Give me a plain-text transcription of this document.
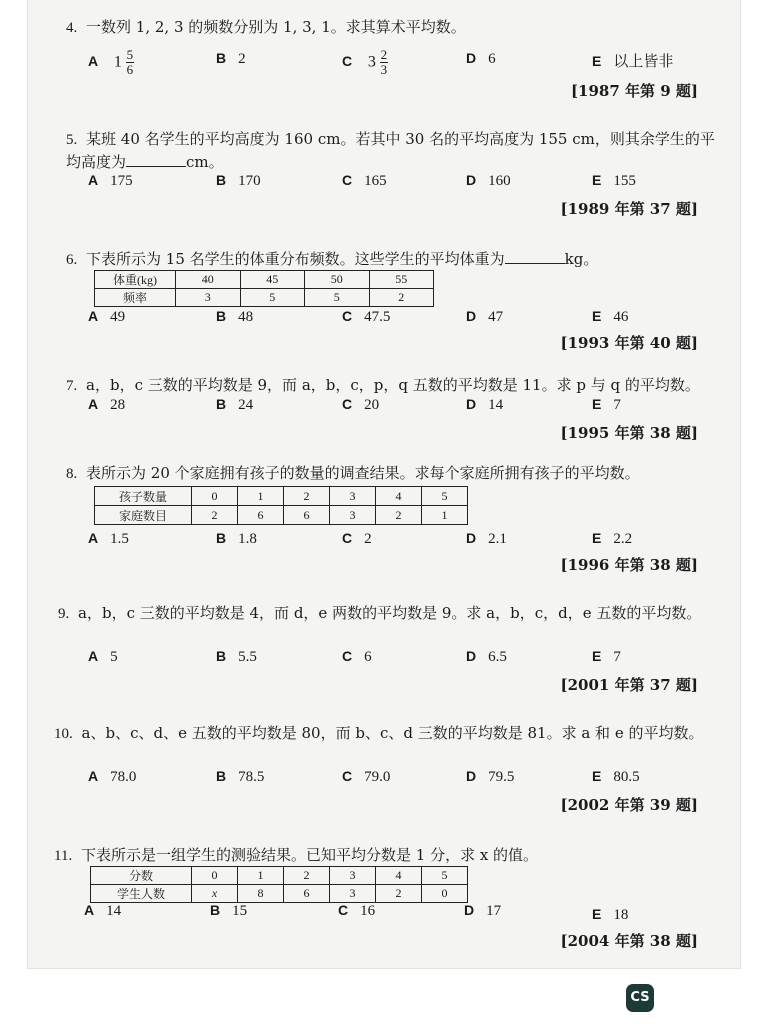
4. 一数列 1, 2, 3 的频数分别为 1, 3, 1。求其算术平均数。
A $1 \frac{5}{6}$	B 2	C $3 \frac{2}{3}$	D 6	E 以上皆非
[1987 年第 9 题]
5. 某班 40 名学生的平均高度为 160 cm。若其中 30 名的平均高度为 155 cm，则其余学生的平均高度为	cm。
A 175	B 170	C 165	D 160	E 155
[1989 年第 37 题]
6. 下表所示为 15 名学生的体重分布频数。这些学生的平均体重为	kg。
体重(kg)	40	45	50	55
频率	3	5	5	2
A 49	B 48	C 47.5	D 47	E 46
[1993 年第 40 题]
7. a，b，c 三数的平均数是 9，而 a，b，c，p，q 五数的平均数是 11。求 p 与 q 的平均数。
A 28	B 24	C 20	D 14	E 7
[1995 年第 38 题]
8. 表所示为 20 个家庭拥有孩子的数量的调查结果。求每个家庭所拥有孩子的平均数。
孩子数量	0	1	2	3	4	5
家庭数目	2	6	6	3	2	1
A 1.5	B 1.8	C 2	D 2.1	E 2.2
[1996 年第 38 题]
9. a，b，c 三数的平均数是 4，而 d，e 两数的平均数是 9。求 a，b，c，d，e 五数的平均数。
A 5	B 5.5	C 6	D 6.5	E 7
[2001 年第 37 题]
10. a、b、c、d、e 五数的平均数是 80，而 b、c、d 三数的平均数是 81。求 a 和 e 的平均数。
A 78.0	B 78.5	C 79.0	D 79.5	E 80.5
[2002 年第 39 题]
11. 下表所示是一组学生的测验结果。已知平均分数是 1 分，求 x 的值。
分数	0	1	2	3	4	5
学生人数	x	8	6	3	2	0
A 14	B 15	C 16	D 17	E 18
[2004 年第 38 题]
CS
